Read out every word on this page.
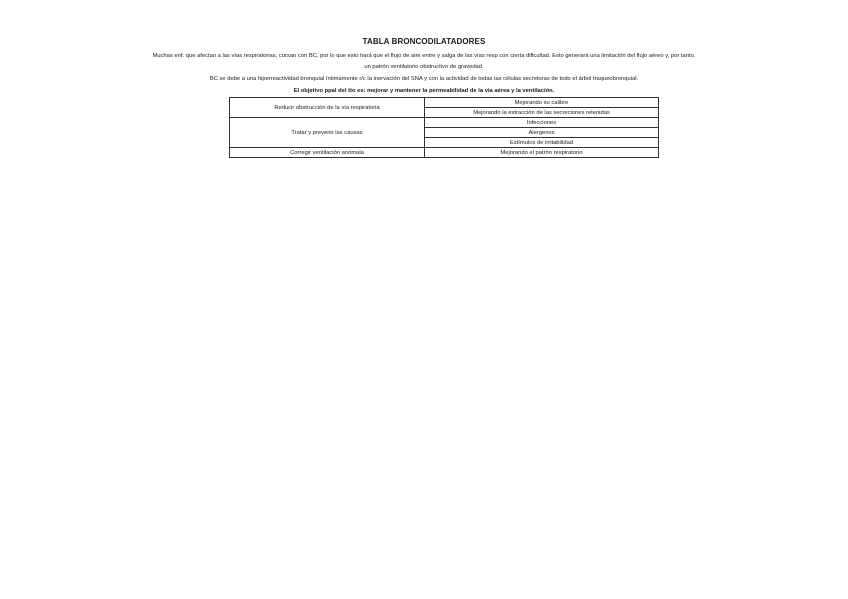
TABLA BRONCODILATADORES
Muchas enf. que afectan a las vías respiratorias, cursan con BC, por lo que esto hará que el flujo de aire entre y salga de las vías resp con cierta dificultad. Esto generará una limitación del flujo aéreo y, por tanto,
un patrón ventilatorio obstructivo de gravedad.
BC se debe a una hiperreactividad bronquial íntimamente r/c la inervación del SNA y con la actividad de todas las células secretoras de todo el árbol traqueobronquial.
El objetivo ppal del tto es: mejorar y mantener la permeabilidad de la vía aérea y la ventilación.
Reducir obstrucción de la vía respiratoria	Mejorando su calibre
	Mejorando la extracción de las secreciones retenidas
Tratar y prevenir las causas	Infecciones
	Alergenos
	Estímulos de irritabilidad
Corregir ventilación anómala	Mejorando el patrón respiratorio
